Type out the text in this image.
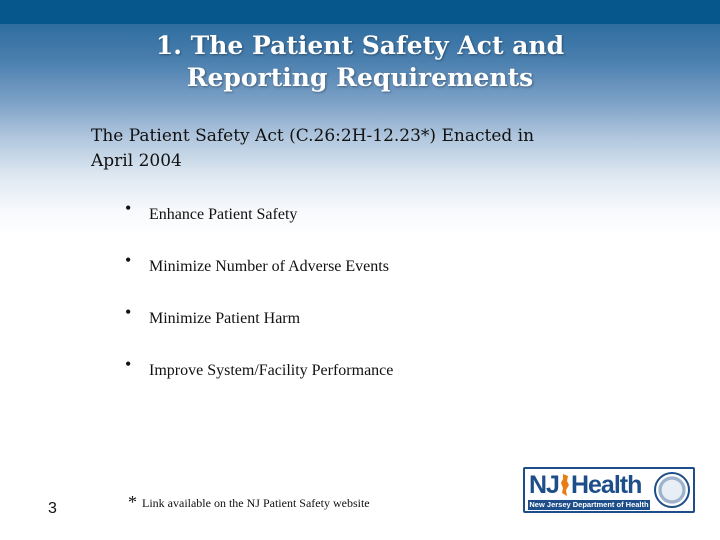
1. The Patient Safety Act and
Reporting Requirements
The Patient Safety Act (C.26:2H-12.23*) Enacted in
April 2004
•	Enhance Patient Safety
•	Minimize Number of Adverse Events
•	Minimize Patient Harm
•	Improve System/Facility Performance
3	* Link available on the NJ Patient Safety website
NJ Health
New Jersey Department of Health
